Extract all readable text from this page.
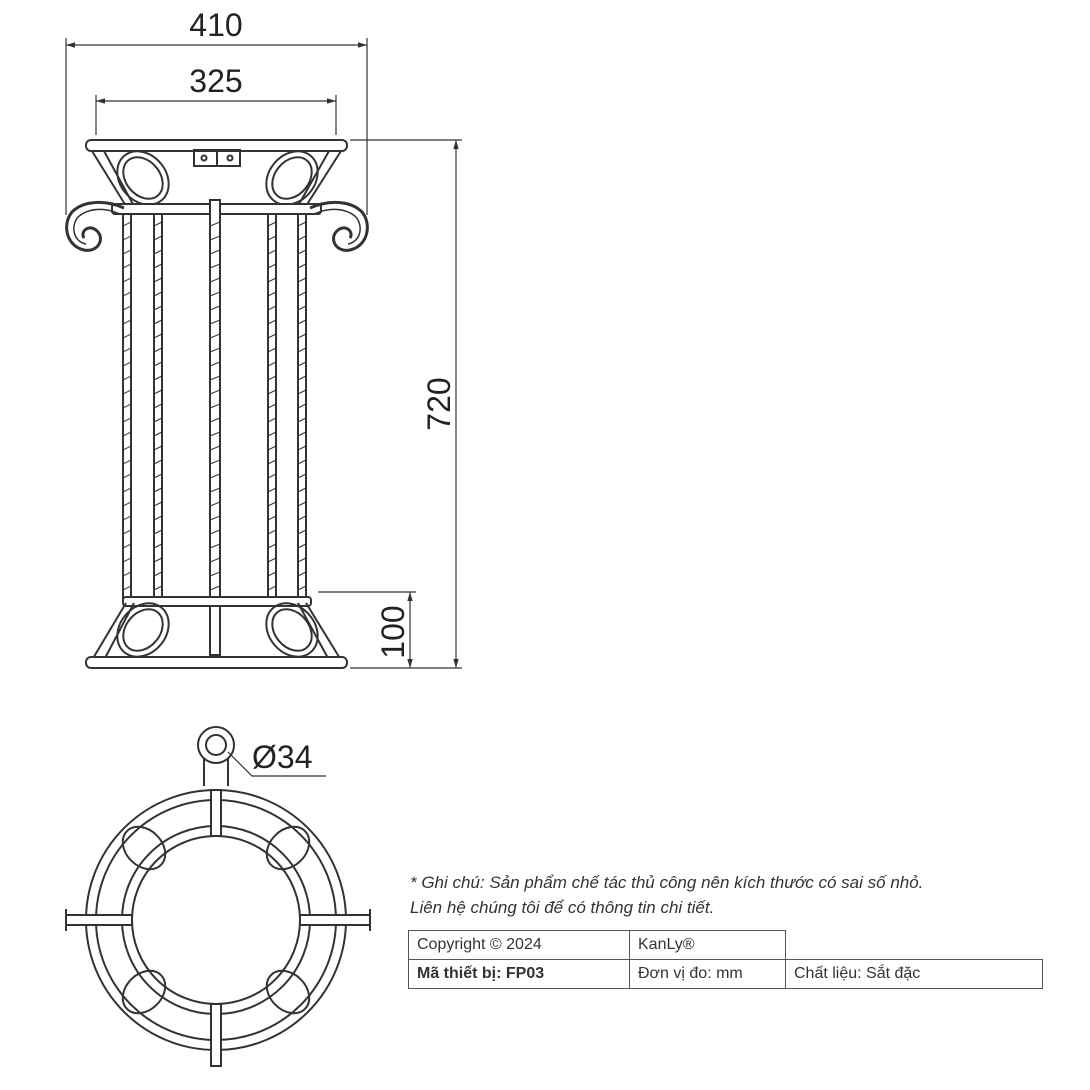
410
325
720
100
Ø34
* Ghi chú: Sản phẩm chế tác thủ công nên kích thước có sai số nhỏ.
Liên hệ chúng tôi để có thông tin chi tiết.
Copyright © 2024	KanLy®	
Mã thiết bị: FP03	Đơn vị đo: mm	Chất liệu: Sắt đặc
